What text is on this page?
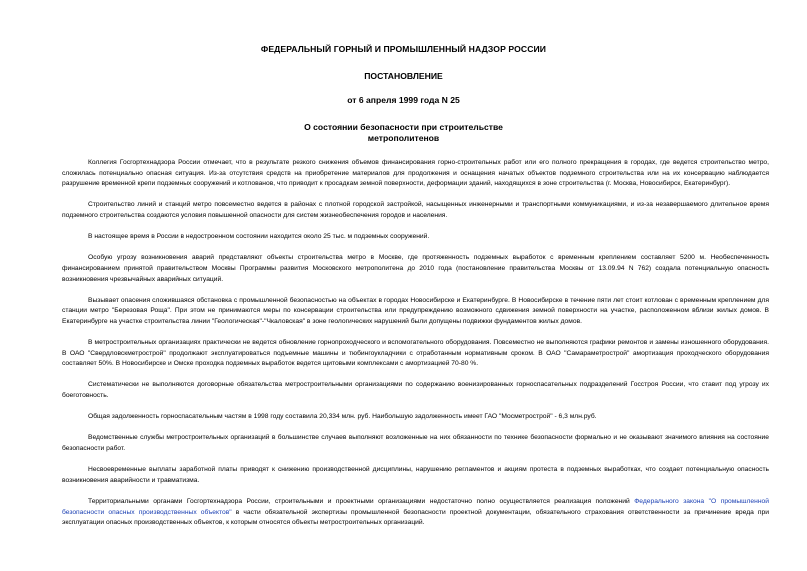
ФЕДЕРАЛЬНЫЙ ГОРНЫЙ И ПРОМЫШЛЕННЫЙ НАДЗОР РОССИИ
ПОСТАНОВЛЕНИЕ
от 6 апреля 1999 года N 25
О состоянии безопасности при строительстве
метрополитенов

Коллегия Госгортехнадзора России отмечает, что в результате резкого снижения объемов финансирования горно-строительных работ или его полного прекращения в городах, где ведется строительство метро, сложилась потенциально опасная ситуация. Из-за отсутствия средств на приобретение материалов для продолжения и оснащения начатых объектов подземного строительства или на их консервацию наблюдается разрушение временной крепи подземных сооружений и котлованов, что приводит к просадкам земной поверхности, деформации зданий, находящихся в зоне строительства (г. Москва, Новосибирск, Екатеринбург).

Строительство линий и станций метро повсеместно ведется в районах с плотной городской застройкой, насыщенных инженерными и транспортными коммуникациями, и из-за незавершаемого длительное время подземного строительства создаются условия повышенной опасности для систем жизнеобеспечения городов и населения.

В настоящее время в России в недостроенном состоянии находится около 25 тыс. м подземных сооружений.

Особую угрозу возникновения аварий представляют объекты строительства метро в Москве, где протяженность подземных выработок с временным креплением составляет 5200 м. Необеспеченность финансированием принятой правительством Москвы Программы развития Московского метрополитена до 2010 года (постановление правительства Москвы от 13.09.94 N 762) создала потенциальную опасность возникновения чрезвычайных аварийных ситуаций.

Вызывает опасения сложившаяся обстановка с промышленной безопасностью на объектах в городах Новосибирске и Екатеринбурге. В Новосибирске в течение пяти лет стоит котлован с временным креплением для станции метро "Березовая Роща". При этом не принимаются меры по консервации строительства или предупреждению возможного сдвижения земной поверхности на участке, расположенном вблизи жилых домов. В Екатеринбурге на участке строительства линии "Геологическая"-"Чкаловская" в зоне геологических нарушений были допущены подвижки фундаментов жилых домов.

В метростроительных организациях практически не ведется обновление горнопроходческого и вспомогательного оборудования. Повсеместно не выполняются графики ремонтов и замены изношенного оборудования. В ОАО "Свердловскметрострой" продолжают эксплуатироваться подъемные машины и тюбингоукладчики с отработанным нормативным сроком. В ОАО "Самараметрострой" амортизация проходческого оборудования составляет 50%. В Новосибирске и Омске проходка подземных выработок ведется щитовыми комплексами с амортизацией 70-80 %.

Систематически не выполняются договорные обязательства метростроительными организациями по содержанию военизированных горноспасательных подразделений Госстроя России, что ставит под угрозу их боеготовность.

Общая задолженность горноспасательным частям в 1998 году составила 20,334 млн. руб. Наибольшую задолженность имеет ГАО "Мосметрострой" - 6,3 млн.руб.

Ведомственные службы метростроительных организаций в большинстве случаев выполняют возложенные на них обязанности по технике безопасности формально и не оказывают значимого влияния на состояние безопасности работ.

Несвоевременные выплаты заработной платы приводят к снижению производственной дисциплины, нарушению регламентов и акциям протеста в подземных выработках, что создает потенциальную опасность возникновения аварийности и травматизма.

Территориальными органами Госгортехнадзора России, строительными и проектными организациями недостаточно полно осуществляется реализация положений Федерального закона "О промышленной безопасности опасных производственных объектов" в части обязательной экспертизы промышленной безопасности проектной документации, обязательного страхования ответственности за причинение вреда при эксплуатации опасных производственных объектов, к которым относятся объекты метростроительных организаций.
